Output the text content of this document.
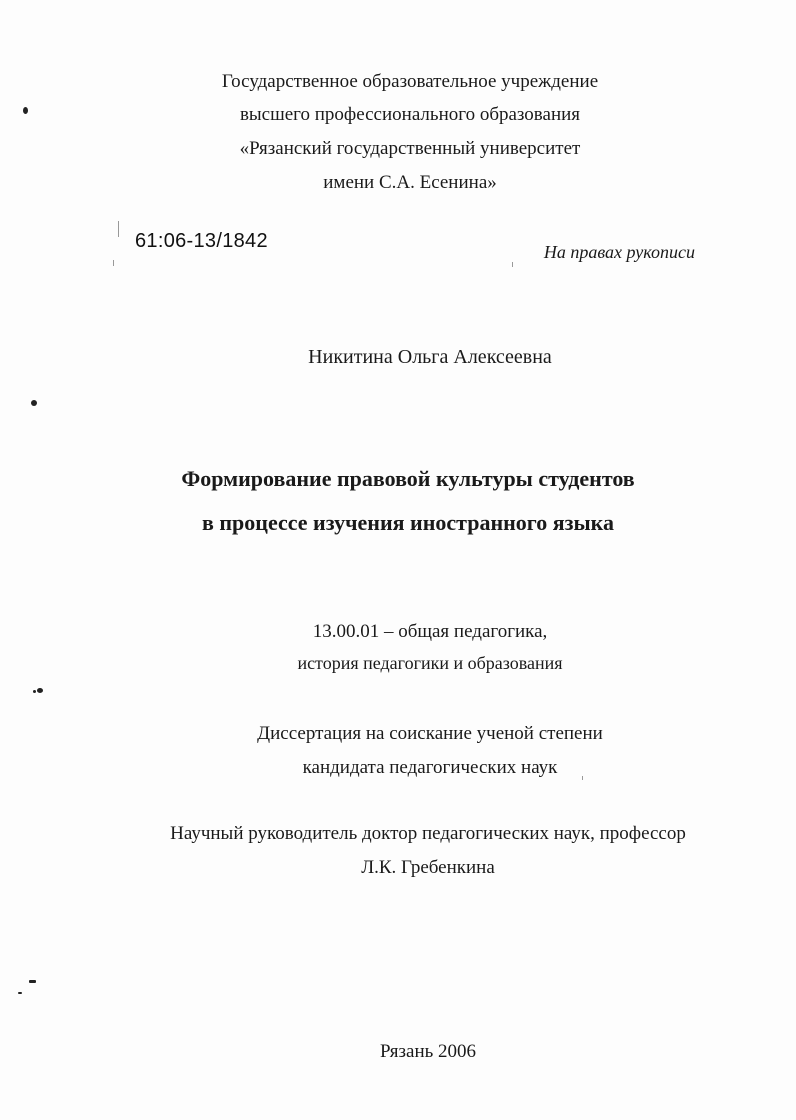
Государственное образовательное учреждение
высшего профессионального образования
«Рязанский государственный университет
имени С.А. Есенина»
61:06-13/1842	На правах рукописи
Никитина Ольга Алексеевна
Формирование правовой культуры студентов
в процессе изучения иностранного языка
13.00.01 – общая педагогика,
история педагогики и образования
Диссертация на соискание ученой степени
кандидата педагогических наук
Научный руководитель доктор педагогических наук, профессор
Л.К. Гребенкина
Рязань 2006
